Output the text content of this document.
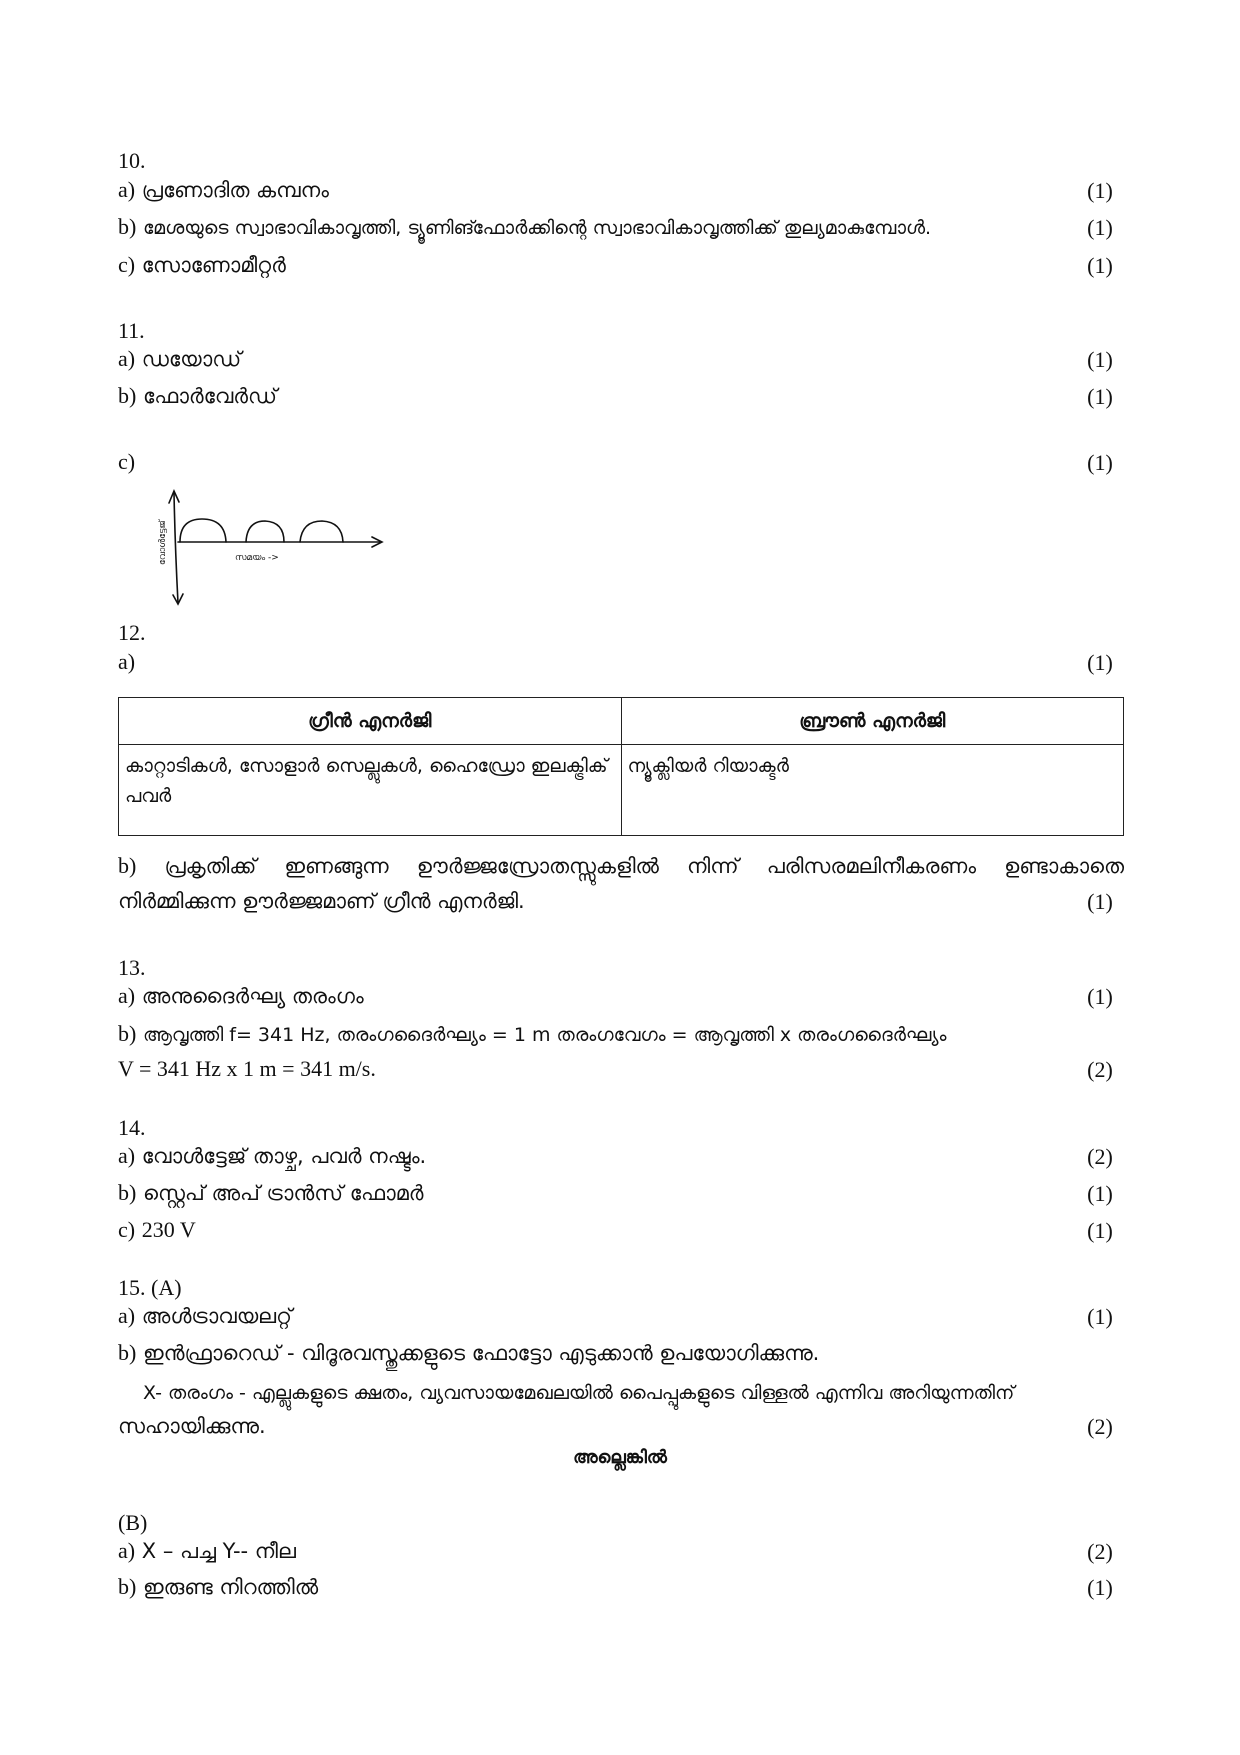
10.
a) പ്രണോദിത കമ്പനം	(1)
b) മേശയുടെ സ്വാഭാവികാവൃത്തി, ട്യൂണിങ്ഫോർക്കിന്റെ സ്വാഭാവികാവൃത്തിക്ക് തുല്യമാകുമ്പോൾ.	(1)
c) സോണോമീറ്റർ	(1)
11.
a) ഡയോഡ്	(1)
b) ഫോർവേർഡ്	(1)
c)	(1)
വോൾട്ടേജ്	സമയം ->
12.
a)	(1)
ഗ്രീൻ എനർജി	ബ്രൗൺ എനർജി
കാറ്റാടികൾ, സോളാർ സെല്ലുകൾ, ഹൈഡ്രോ ഇലക്ട്രിക് പവർ	ന്യൂക്ലിയർ റിയാക്ടർ
b) പ്രകൃതിക്ക് ഇണങ്ങുന്ന ഊർജ്ജസ്രോതസ്സുകളിൽ നിന്ന് പരിസരമലിനീകരണം ഉണ്ടാകാതെ
നിർമ്മിക്കുന്ന ഊർജ്ജമാണ് ഗ്രീൻ എനർജി.	(1)
13.
a) അനുദൈർഘ്യ തരംഗം	(1)
b) ആവൃത്തി f= 341 Hz, തരംഗദൈർഘ്യം = 1 m തരംഗവേഗം = ആവൃത്തി x തരംഗദൈർഘ്യം
V = 341 Hz x 1 m = 341 m/s.	(2)
14.
a) വോൾട്ടേജ് താഴ്ച, പവർ നഷ്ടം.	(2)
b) സ്റ്റെപ് അപ് ട്രാൻസ് ഫോമർ	(1)
c) 230 V	(1)
15. (A)
a) അൾട്രാവയലറ്റ്	(1)
b) ഇൻഫ്രാറെഡ് - വിദൂരവസ്തുക്കളുടെ ഫോട്ടോ എടുക്കാൻ ഉപയോഗിക്കുന്നു.
X- തരംഗം - എല്ലുകളുടെ ക്ഷതം, വ്യവസായമേഖലയിൽ പൈപ്പുകളുടെ വിള്ളൽ എന്നിവ അറിയുന്നതിന്
സഹായിക്കുന്നു.	(2)
അല്ലെങ്കിൽ
(B)
a) X – പച്ച Y-- നീല	(2)
b) ഇരുണ്ട നിറത്തിൽ	(1)
